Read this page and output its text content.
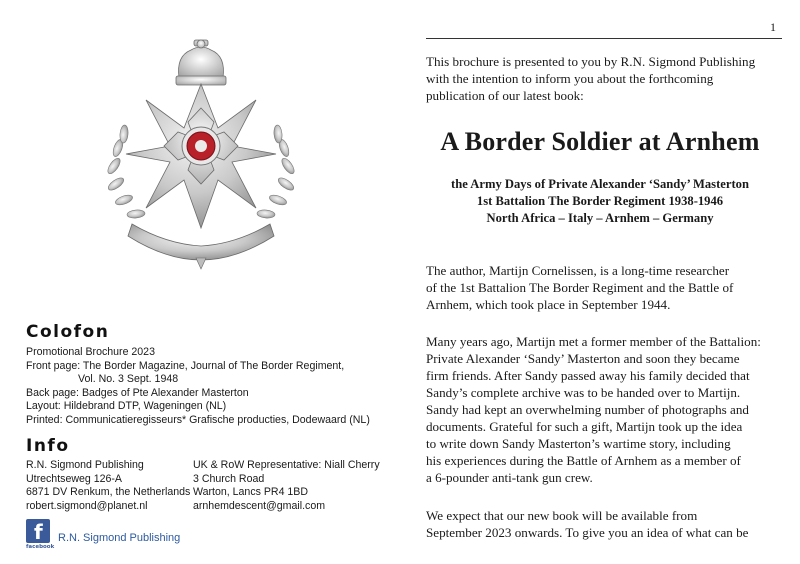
Colofon
Promotional Brochure 2023
Front page: The Border Magazine, Journal of The Border Regiment,
Vol. No. 3 Sept. 1948
Back page: Badges of Pte Alexander Masterton
Layout: Hildebrand DTP, Wageningen (NL)
Printed: Communicatieregisseurs* Grafische producties, Dodewaard (NL)
Info
R.N. Sigmond Publishing
Utrechtseweg 126-A
6871 DV Renkum, the Netherlands
robert.sigmond@planet.nl
UK & RoW Representative: Niall Cherry
3 Church Road
Warton, Lancs PR4 1BD
arnhemdescent@gmail.com
f
facebook
R.N. Sigmond Publishing
1
This brochure is presented to you by R.N. Sigmond Publishing
with the intention to inform you about the forthcoming
publication of our latest book:
A Border Soldier at Arnhem
the Army Days of Private Alexander ‘Sandy’ Masterton
1st Battalion The Border Regiment 1938-1946
North Africa – Italy – Arnhem – Germany
The author, Martijn Cornelissen, is a long-time researcher
of the 1st Battalion The Border Regiment and the Battle of
Arnhem, which took place in September 1944.
Many years ago, Martijn met a former member of the Battalion:
Private Alexander ‘Sandy’ Masterton and soon they became
firm friends. After Sandy passed away his family decided that
Sandy’s complete archive was to be handed over to Martijn.
Sandy had kept an overwhelming number of photographs and
documents. Grateful for such a gift, Martijn took up the idea
to write down Sandy Masterton’s wartime story, including
his experiences during the Battle of Arnhem as a member of
a 6-pounder anti-tank gun crew.
We expect that our new book will be available from
September 2023 onwards. To give you an idea of what can be
